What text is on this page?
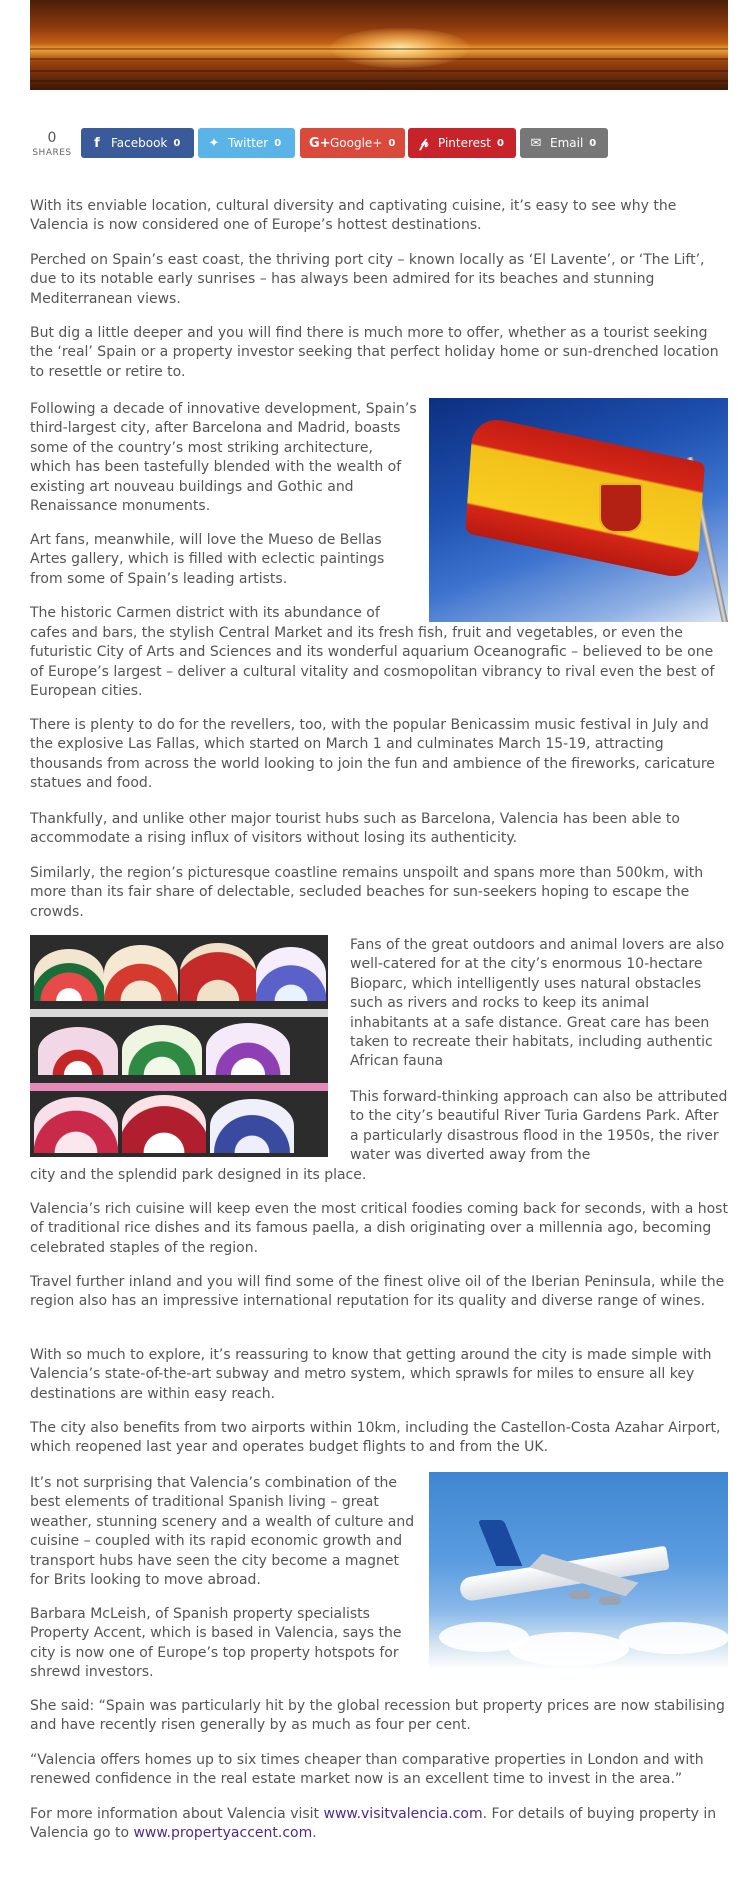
0
SHARES
f Facebook 0 ✦ Twitter 0 G+ Google+ 0 𝓅 Pinterest 0 ✉ Email 0

With its enviable location, cultural diversity and captivating cuisine, it’s easy to see why the Valencia is now considered one of Europe’s hottest destinations.

Perched on Spain’s east coast, the thriving port city – known locally as ‘El Lavente’, or ‘The Lift’, due to its notable early sunrises – has always been admired for its beaches and stunning Mediterranean views.

But dig a little deeper and you will find there is much more to offer, whether as a tourist seeking the ‘real’ Spain or a property investor seeking that perfect holiday home or sun-drenched location to resettle or retire to.

Following a decade of innovative development, Spain’s third-largest city, after Barcelona and Madrid, boasts some of the country’s most striking architecture, which has been tastefully blended with the wealth of existing art nouveau buildings and Gothic and Renaissance monuments.

Art fans, meanwhile, will love the Mueso de Bellas Artes gallery, which is filled with eclectic paintings from some of Spain’s leading artists.

The historic Carmen district with its abundance of

cafes and bars, the stylish Central Market and its fresh fish, fruit and vegetables, or even the futuristic City of Arts and Sciences and its wonderful aquarium Oceanografic – believed to be one of Europe’s largest – deliver a cultural vitality and cosmopolitan vibrancy to rival even the best of European cities.

There is plenty to do for the revellers, too, with the popular Benicassim music festival in July and the explosive Las Fallas, which started on March 1 and culminates March 15-19, attracting thousands from across the world looking to join the fun and ambience of the fireworks, caricature statues and food.

Thankfully, and unlike other major tourist hubs such as Barcelona, Valencia has been able to accommodate a rising influx of visitors without losing its authenticity.

Similarly, the region’s picturesque coastline remains unspoilt and spans more than 500km, with more than its fair share of delectable, secluded beaches for sun-seekers hoping to escape the crowds.

Fans of the great outdoors and animal lovers are also well-catered for at the city’s enormous 10-hectare Bioparc, which intelligently uses natural obstacles such as rivers and rocks to keep its animal inhabitants at a safe distance. Great care has been taken to recreate their habitats, including authentic African fauna

This forward-thinking approach can also be attributed to the city’s beautiful River Turia Gardens Park. After a particularly disastrous flood in the 1950s, the river water was diverted away from the

city and the splendid park designed in its place.

Valencia’s rich cuisine will keep even the most critical foodies coming back for seconds, with a host of traditional rice dishes and its famous paella, a dish originating over a millennia ago, becoming celebrated staples of the region.

Travel further inland and you will find some of the finest olive oil of the Iberian Peninsula, while the region also has an impressive international reputation for its quality and diverse range of wines.

With so much to explore, it’s reassuring to know that getting around the city is made simple with Valencia’s state-of-the-art subway and metro system, which sprawls for miles to ensure all key destinations are within easy reach.

The city also benefits from two airports within 10km, including the Castellon-Costa Azahar Airport, which reopened last year and operates budget flights to and from the UK.

It’s not surprising that Valencia’s combination of the best elements of traditional Spanish living – great weather, stunning scenery and a wealth of culture and cuisine – coupled with its rapid economic growth and transport hubs have seen the city become a magnet for Brits looking to move abroad.

Barbara McLeish, of Spanish property specialists Property Accent, which is based in Valencia, says the city is now one of Europe’s top property hotspots for shrewd investors.

She said: “Spain was particularly hit by the global recession but property prices are now stabilising and have recently risen generally by as much as four per cent.

“Valencia offers homes up to six times cheaper than comparative properties in London and with renewed confidence in the real estate market now is an excellent time to invest in the area.”

For more information about Valencia visit www.visitvalencia.com. For details of buying property in Valencia go to www.propertyaccent.com.
